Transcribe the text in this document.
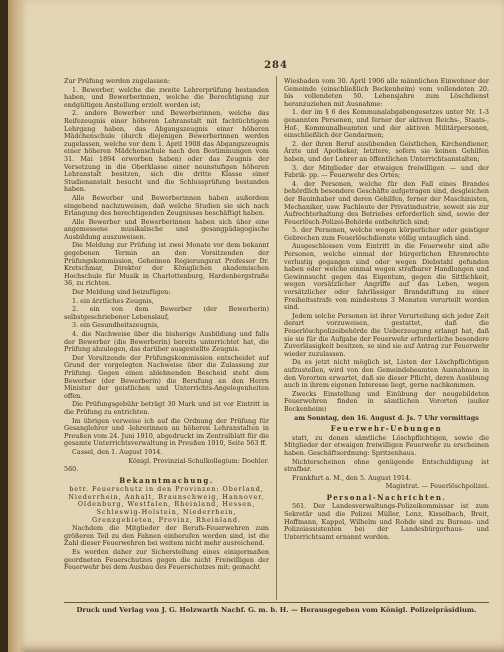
284

Zur Prüfung werden zugelassen:

1. Bewerber, welche die zweite Lehrerprüfung bestanden haben, und Bewerberinnen, welche die Berechtigung zur endgültigen Anstellung erzielt werden ist;

2. andere Bewerber und Bewerberinnen, welche das Reifezeugnis einer höheren Lehranstalt mit fachtüchtigem Lehrgang haben, das Abgangszeugnis einer höheren Mädchenschule (durch diejenigen Bewerberinnen werden zugelassen, welche vor dem 1. April 1908 das Abgangszeugnis einer höheren Mädchenschule nach den Bestimmungen vom 31. Mai 1894 erworben haben) oder das Zeugnis der Versetzung in die Oberklasse einer neunstufigen höheren Lehranstalt besitzen, sich die dritte Klasse einer Studienanstalt besucht und die Schlussprüfung bestanden haben.

Alle Bewerber und Bewerberinnen haben außerdem eingehend nachzuweisen, daß welche Studien sie sich nach Erlangung des berechtigenden Zeugnisses beschäftigt haben.

Alle Bewerber und Bewerberinnen haben sich über eine angemessene musikalische und gesangpädagogische Ausbildung auszuweisen.

Die Meldung zur Prüfung ist zwei Monate vor dem bekannt gegebenen Termin an den Vorsitzenden der Prüfungskommission, Geheimen Regierungsrat Professor Dr. Kretschmar, Direktor der Königlichen akademischen Hochschule für Musik in Charlottenburg, Hardenbergstraße 36, zu richten.

Der Meldung sind beizufügen:

1. ein ärztliches Zeugnis,

2. ein von dem Bewerber (der Bewerberin) selbstgeschriebener Lebenslauf,

3. ein Gesundheitszeugnis,

4. die Nachweise über die bisherige Ausbildung und falls der Bewerber (die Bewerberin) bereits unterrichtet hat, die Prüfung abzulegen, das darüber ausgestellte Zeugnis.

Der Vorsitzende der Prüfungskommission entscheidet auf Grund der vorgelegten Nachweise über die Zulassung zur Prüfung. Gegen einen ablehnenden Bescheid steht dem Bewerber (der Bewerberin) die Berufung an den Herrn Minister der geistlichen und Unterrichts-Angelegenheiten offen.

Die Prüfungsgebühr beträgt 30 Mark und ist vor Eintritt in die Prüfung zu entrichten.

Im übrigen verweise ich auf die Ordnung der Prüfung für Gesanglehrer und -lehrerinnen an höheren Lehranstalten in Preußen vom 24. Juni 1910, abgedruckt im Zentralblatt für die gesamte Unterrichtsverwaltung in Preußen 1910, Seite 563 ff.

Cassel, den 1. August 1914.

Königl. Provinzial-Schulkollegium: Doehler.

560.

Bekanntmachung.

betr. Feuerschutz in den Provinzen: Oberland, Niederrhein, Anhalt, Braunschweig, Hannover, Oldenburg, Westfalen, Rheinland, Hessen, Schleswig-Holstein, Niederrhein, Grenzgebieten, Provinz, Rheinland.

Nachdem die Mitglieder der Berufs-Feuerwehren zum größeren Teil zu den Fahnen einberufen werden sind, ist die Zahl dieser Feuerwehren bei weitem nicht mehr ausreichend.

Es werden daher zur Sicherstellung eines einigermaßen geordneten Feuerschutzes gegen die nicht Freiwilligen der Feuerwehr bei dem Ausbau des Feuerschutzes mit: gemacht

Wiesbaden vom 30. April 1906 alle männlichen Einwohner der Gemeinde (einschließlich Beckenheim) vom vollendeten 20. bis vollendeten 50. Lebensjahre zum Löschdienst heranzuziehen mit Ausnahme:

1. der im § 6 des Kommunalabgabengesetzes unter Nr. 1-3 genannten Personen, und ferner der aktiven Reichs-, Staats-, Hof-, Kommunalbeamten und der aktiven Militärpersonen, einschließlich der Gendarmen;

2. der ihren Beruf ausübenden Geistlichen, Kirchendiener, Ärzte und Apotheker, letztere, sofern sie keinen Gehilfen haben, und der Lehrer an öffentlichen Unterrichtsanstalten;

3. der Mitglieder der etwaigen freiwilligen — und der Fabrik- pp. — Feuerwehr des Ortes;

4. der Personen, welche für den Fall eines Brandes behördlich besondere Geschäfte aufgetragen sind, desgleichen der Bauinhaber und deren Gehilfen, ferner der Maschinisten, Mechaniker, usw. Fachleute der Privatindustrie, soweit sie zur Aufrechterhaltung des Betriebes erforderlich sind, sowie der Feuerlösch-Polizei-Behörde entbehrlich sind;

5. der Personen, welche wegen körperlicher oder geistiger Gebrechen zum Feuerlöschdienste völlig untauglich sind.

Ausgeschlossen vom Eintritt in die Feuerwehr sind alle Personen, welche einmal der bürgerlichen Ehrenrechte verlustig gegangen sind oder wegen Diebstahl gefunden haben oder welche einmal wegen strafbarer Handlungen und Gewinnsucht gegen das Eigentum, gegen die Sittlichkeit, wegen vorsätzlicher Angriffe auf das Leben, wegen vorsätzlicher oder fahrlässiger Brandstiftung zu einer Freiheitsstrafe von mindestens 3 Monaten verurteilt worden sind.

Jedem solche Personen ist ihrer Verurteilung sich jeder Zeit derart vorzuweisen, gestattet, daß die Feuerlöschpolizeibehörde die Ueberzeugung erlangt hat, daß sie sie für die Aufgabe der Feuerwehr erforderliche besondere Zuverlässigkeit besitzen, so sind sie auf Antrag zur Feuerwehr wieder zuzulassen.

Da es jetzt nicht möglich ist, Listen der Löschpflichtigen aufzustellen, wird von den Gemeindebeamten Ausnahmen in den Vororten erwartet, daß sie dieser Pflicht, deren Ausübung auch in ihrem eigenen Interesse liegt, gerne nachkommen.

Zwecks Einstellung und Einübung der neugebildeten Feuerwehren finden in sämtlichen Vororten (außer Bockenheim)

am Sonntag, den 16. August d. Js. 7 Uhr vormittags

Feuerwehr-Uebungen

statt, zu denen sämtliche Löschpflichtigen, sowie die Mitglieder der etwaigen freiwilligen Feuerwehr zu erscheinen haben. Geschäftsordnung: Spritzenhaus.

Nichterscheinen ohne genügende Entschuldigung ist strafbar.

Frankfurt a. M., den 5. August 1914.

Magistrat. — Feuerlöschpolizei.

Personal-Nachrichten.

561. Der Landesverwaltungs-Polizeikommissar ist zum Sekretär und die Polizei Müller, Lenz, Kisselbach, Breit, Hoffmann, Kappel, Wilhelm und Rohde sind zu Bureau- und Polizeiassistenten bei der Landesbürgerhaus- und Unterrichtsamt ernannt worden.

Druck und Verlag von J. G. Holzwarth Nachf. G. m. b. H. — Herausgegeben vom Königl. Polizeipräsidium.
